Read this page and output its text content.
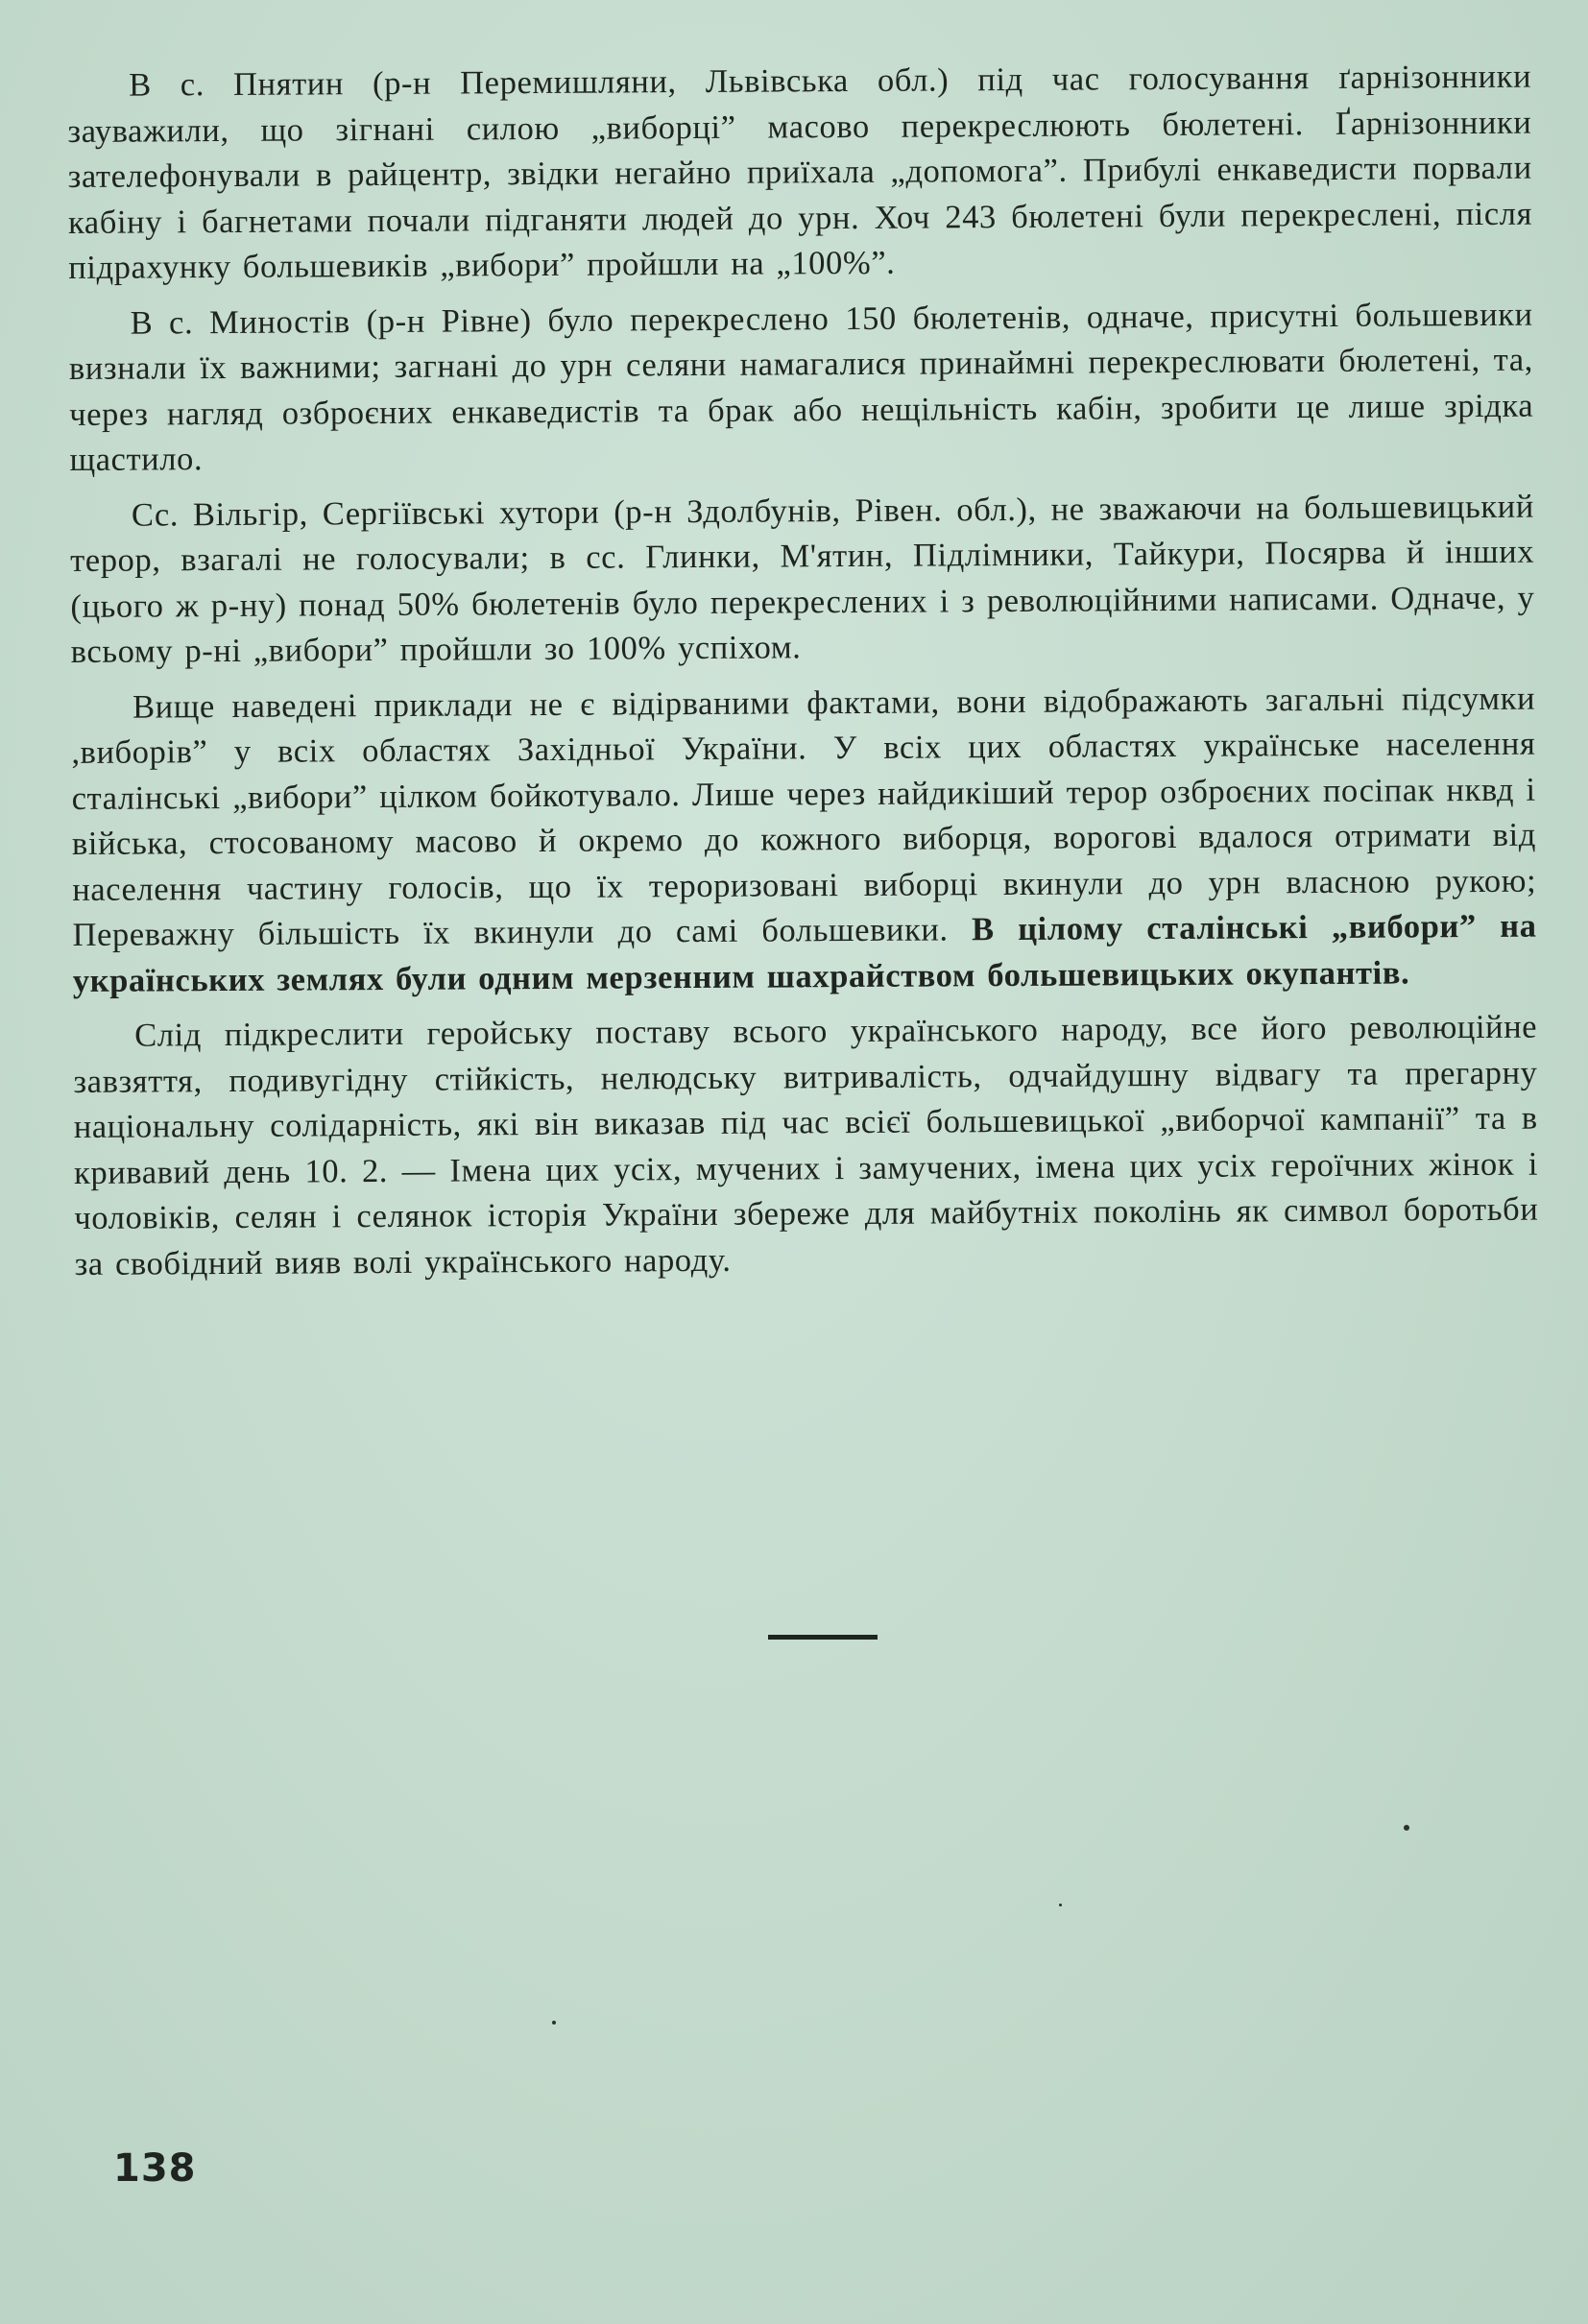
В с. Пнятин (р-н Перемишляни, Львівська обл.) під час голосування ґарнізонники зауважили, що зігнані силою „виборці” масово перекреслюють бюлетені. Ґарнізонники зателефонували в райцентр, звідки негайно приїхала „допомога”. Прибулі енкаведисти порвали кабіну і багнетами почали підганяти людей до урн. Хоч 243 бюлетені були перекреслені, після підрахунку большевиків „вибори” пройшли на „100%”.

В с. Миностів (р-н Рівне) було перекреслено 150 бюлетенів, одначе, присутні большевики визнали їх важними; загнані до урн селяни намагалися принаймні перекреслювати бюлетені, та, через нагляд озброєних енкаведистів та брак або нещільність кабін, зробити це лише зрідка щастило.

Сс. Вільгір, Сергіївські хутори (р-н Здолбунів, Рівен. обл.), не зважаючи на большевицький терор, взагалі не голосували; в сс. Глинки, М'ятин, Підлімники, Тайкури, Посярва й інших (цього ж р-ну) понад 50% бюлетенів було перекреслених і з революційними написами. Одначе, у всьому р-ні „вибори” пройшли зо 100% успіхом.

Вище наведені приклади не є відірваними фактами, вони відображають загальні підсумки ,виборів” у всіх областях Західньої України. У всіх цих областях українське населення сталінські „вибори” цілком бойкотувало. Лише через найдикіший терор озброєних посіпак нквд і війська, стосованому масово й окремо до кожного виборця, ворогові вдалося отримати від населення частину голосів, що їх тероризовані виборці вкинули до урн власною рукою; Переважну більшість їх вкинули до самі большевики. В цілому сталінські „вибори” на українських землях були одним мерзенним шахрайством большевицьких окупантів.

Слід підкреслити геройську поставу всього українського народу, все його революційне завзяття, подивугідну стійкість, нелюдську витривалість, одчайдушну відвагу та прегарну національну солідарність, які він виказав під час всієї большевицької „виборчої кампанії” та в кривавий день 10. 2. — Імена цих усіх, мучених і замучених, імена цих усіх героїчних жінок і чоловіків, селян і селянок історія України збереже для майбутніх поколінь як символ боротьби за свобідний вияв волі українського народу.

138
